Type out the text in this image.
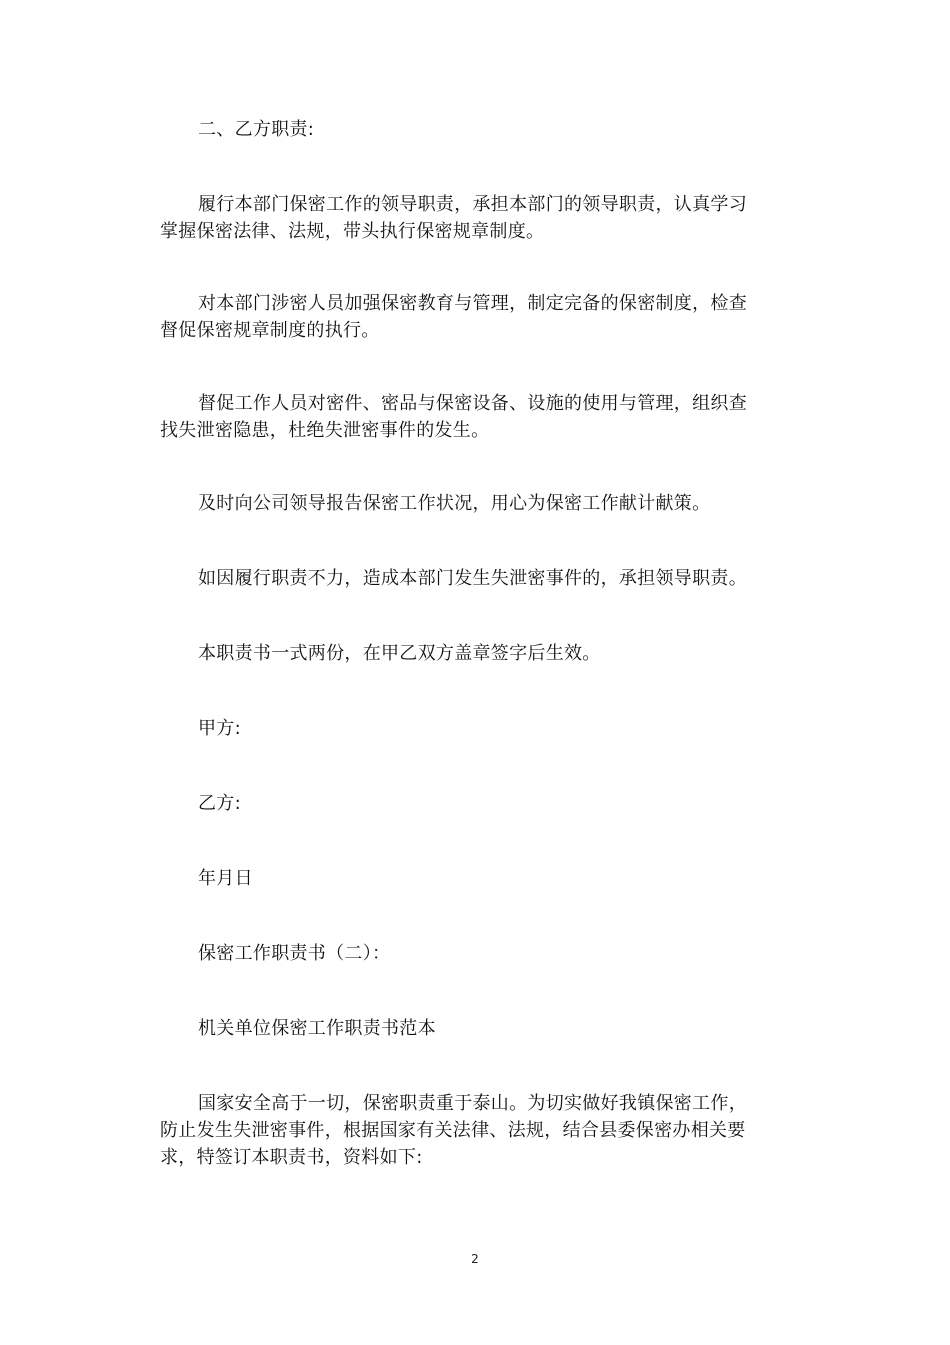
二、乙方职责:

履行本部门保密工作的领导职责，承担本部门的领导职责，认真学习掌握保密法律、法规，带头执行保密规章制度。

对本部门涉密人员加强保密教育与管理，制定完备的保密制度，检查督促保密规章制度的执行。

督促工作人员对密件、密品与保密设备、设施的使用与管理，组织查找失泄密隐患，杜绝失泄密事件的发生。

及时向公司领导报告保密工作状况，用心为保密工作献计献策。

如因履行职责不力，造成本部门发生失泄密事件的，承担领导职责。

本职责书一式两份，在甲乙双方盖章签字后生效。

甲方:

乙方:

年月日

保密工作职责书（二）：

机关单位保密工作职责书范本

国家安全高于一切，保密职责重于泰山。为切实做好我镇保密工作，防止发生失泄密事件，根据国家有关法律、法规，结合县委保密办相关要求，特签订本职责书，资料如下:

2
